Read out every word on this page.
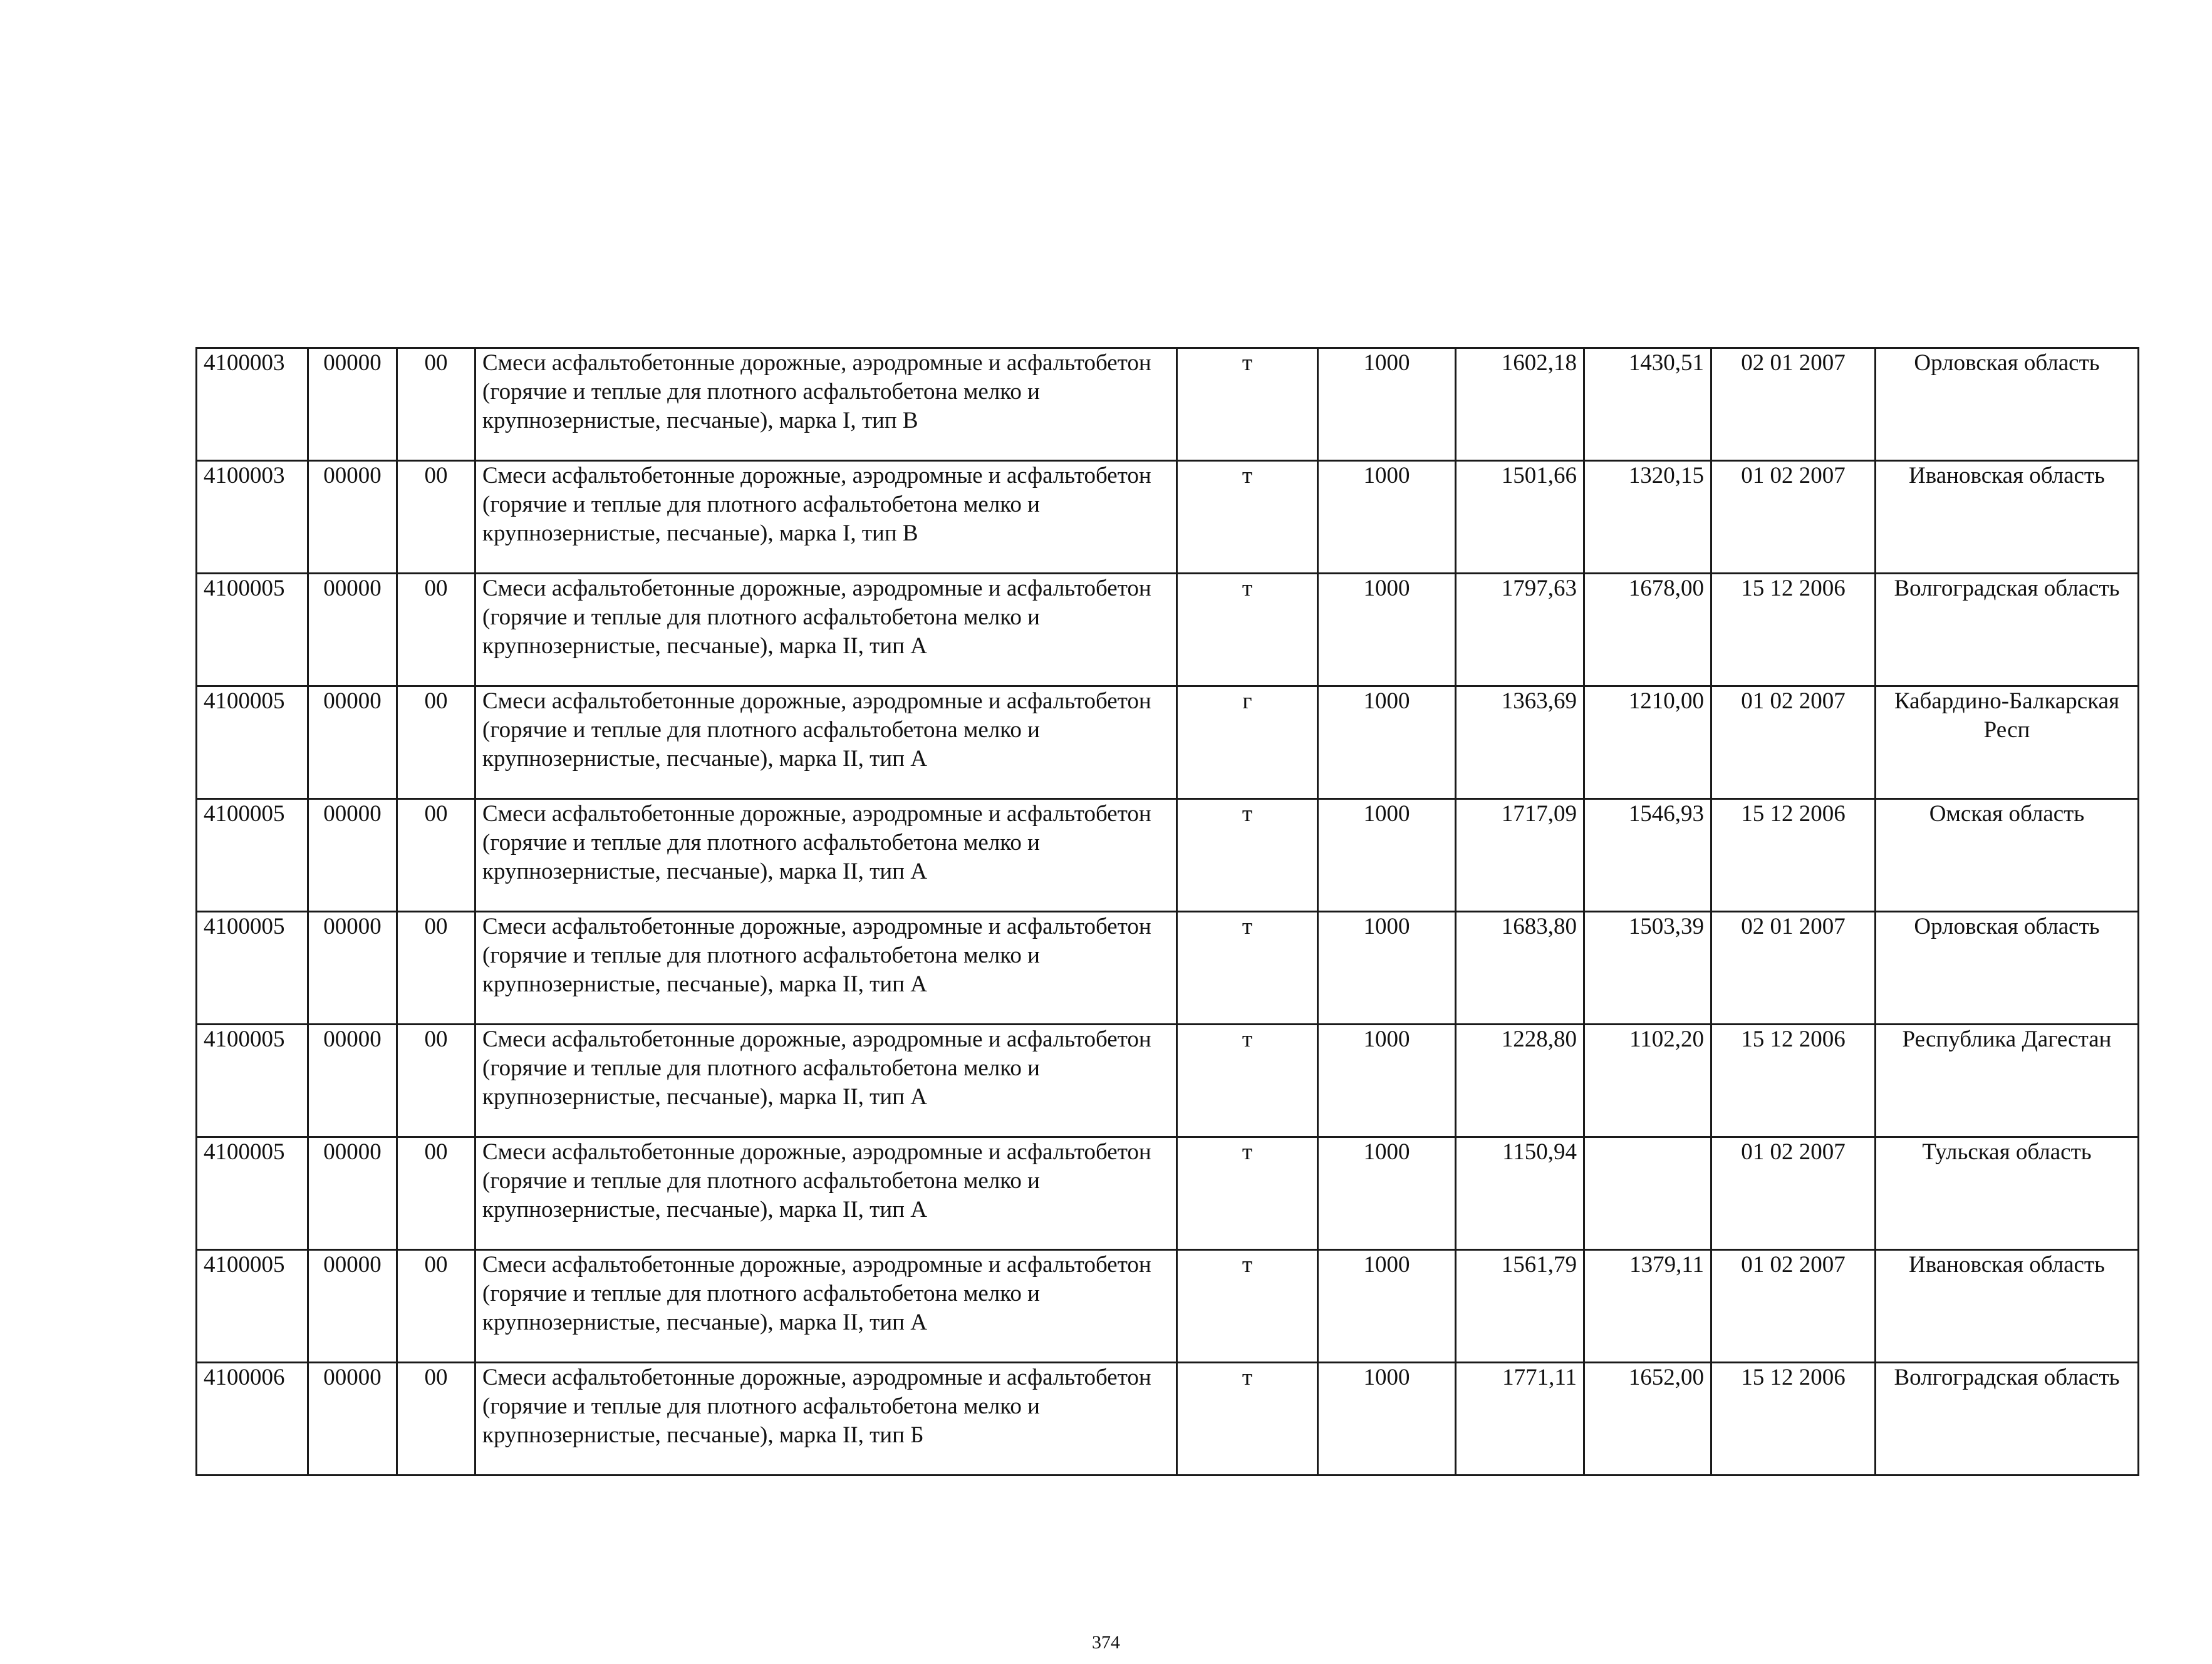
4100003	00000	00	Смеси асфальтобетонные дорожные, аэродромные и асфальтобетон (горячие и теплые для плотного асфальтобетона мелко и крупнозернистые, песчаные), марка I, тип В	т	1000	1602,18	1430,51	02 01 2007	Орловская область
4100003	00000	00	Смеси асфальтобетонные дорожные, аэродромные и асфальтобетон (горячие и теплые для плотного асфальтобетона мелко и крупнозернистые, песчаные), марка I, тип В	т	1000	1501,66	1320,15	01 02 2007	Ивановская область
4100005	00000	00	Смеси асфальтобетонные дорожные, аэродромные и асфальтобетон (горячие и теплые для плотного асфальтобетона мелко и крупнозернистые, песчаные), марка II, тип А	т	1000	1797,63	1678,00	15 12 2006	Волгоградская область
4100005	00000	00	Смеси асфальтобетонные дорожные, аэродромные и асфальтобетон (горячие и теплые для плотного асфальтобетона мелко и крупнозернистые, песчаные), марка II, тип А	г	1000	1363,69	1210,00	01 02 2007	Кабардино-Балкарская Респ
4100005	00000	00	Смеси асфальтобетонные дорожные, аэродромные и асфальтобетон (горячие и теплые для плотного асфальтобетона мелко и крупнозернистые, песчаные), марка II, тип А	т	1000	1717,09	1546,93	15 12 2006	Омская область
4100005	00000	00	Смеси асфальтобетонные дорожные, аэродромные и асфальтобетон (горячие и теплые для плотного асфальтобетона мелко и крупнозернистые, песчаные), марка II, тип А	т	1000	1683,80	1503,39	02 01 2007	Орловская область
4100005	00000	00	Смеси асфальтобетонные дорожные, аэродромные и асфальтобетон (горячие и теплые для плотного асфальтобетона мелко и крупнозернистые, песчаные), марка II, тип А	т	1000	1228,80	1102,20	15 12 2006	Республика Дагестан
4100005	00000	00	Смеси асфальтобетонные дорожные, аэродромные и асфальтобетон (горячие и теплые для плотного асфальтобетона мелко и крупнозернистые, песчаные), марка II, тип А	т	1000	1150,94		01 02 2007	Тульская область
4100005	00000	00	Смеси асфальтобетонные дорожные, аэродромные и асфальтобетон (горячие и теплые для плотного асфальтобетона мелко и крупнозернистые, песчаные), марка II, тип А	т	1000	1561,79	1379,11	01 02 2007	Ивановская область
4100006	00000	00	Смеси асфальтобетонные дорожные, аэродромные и асфальтобетон (горячие и теплые для плотного асфальтобетона мелко и крупнозернистые, песчаные), марка II, тип Б	т	1000	1771,11	1652,00	15 12 2006	Волгоградская область
374
